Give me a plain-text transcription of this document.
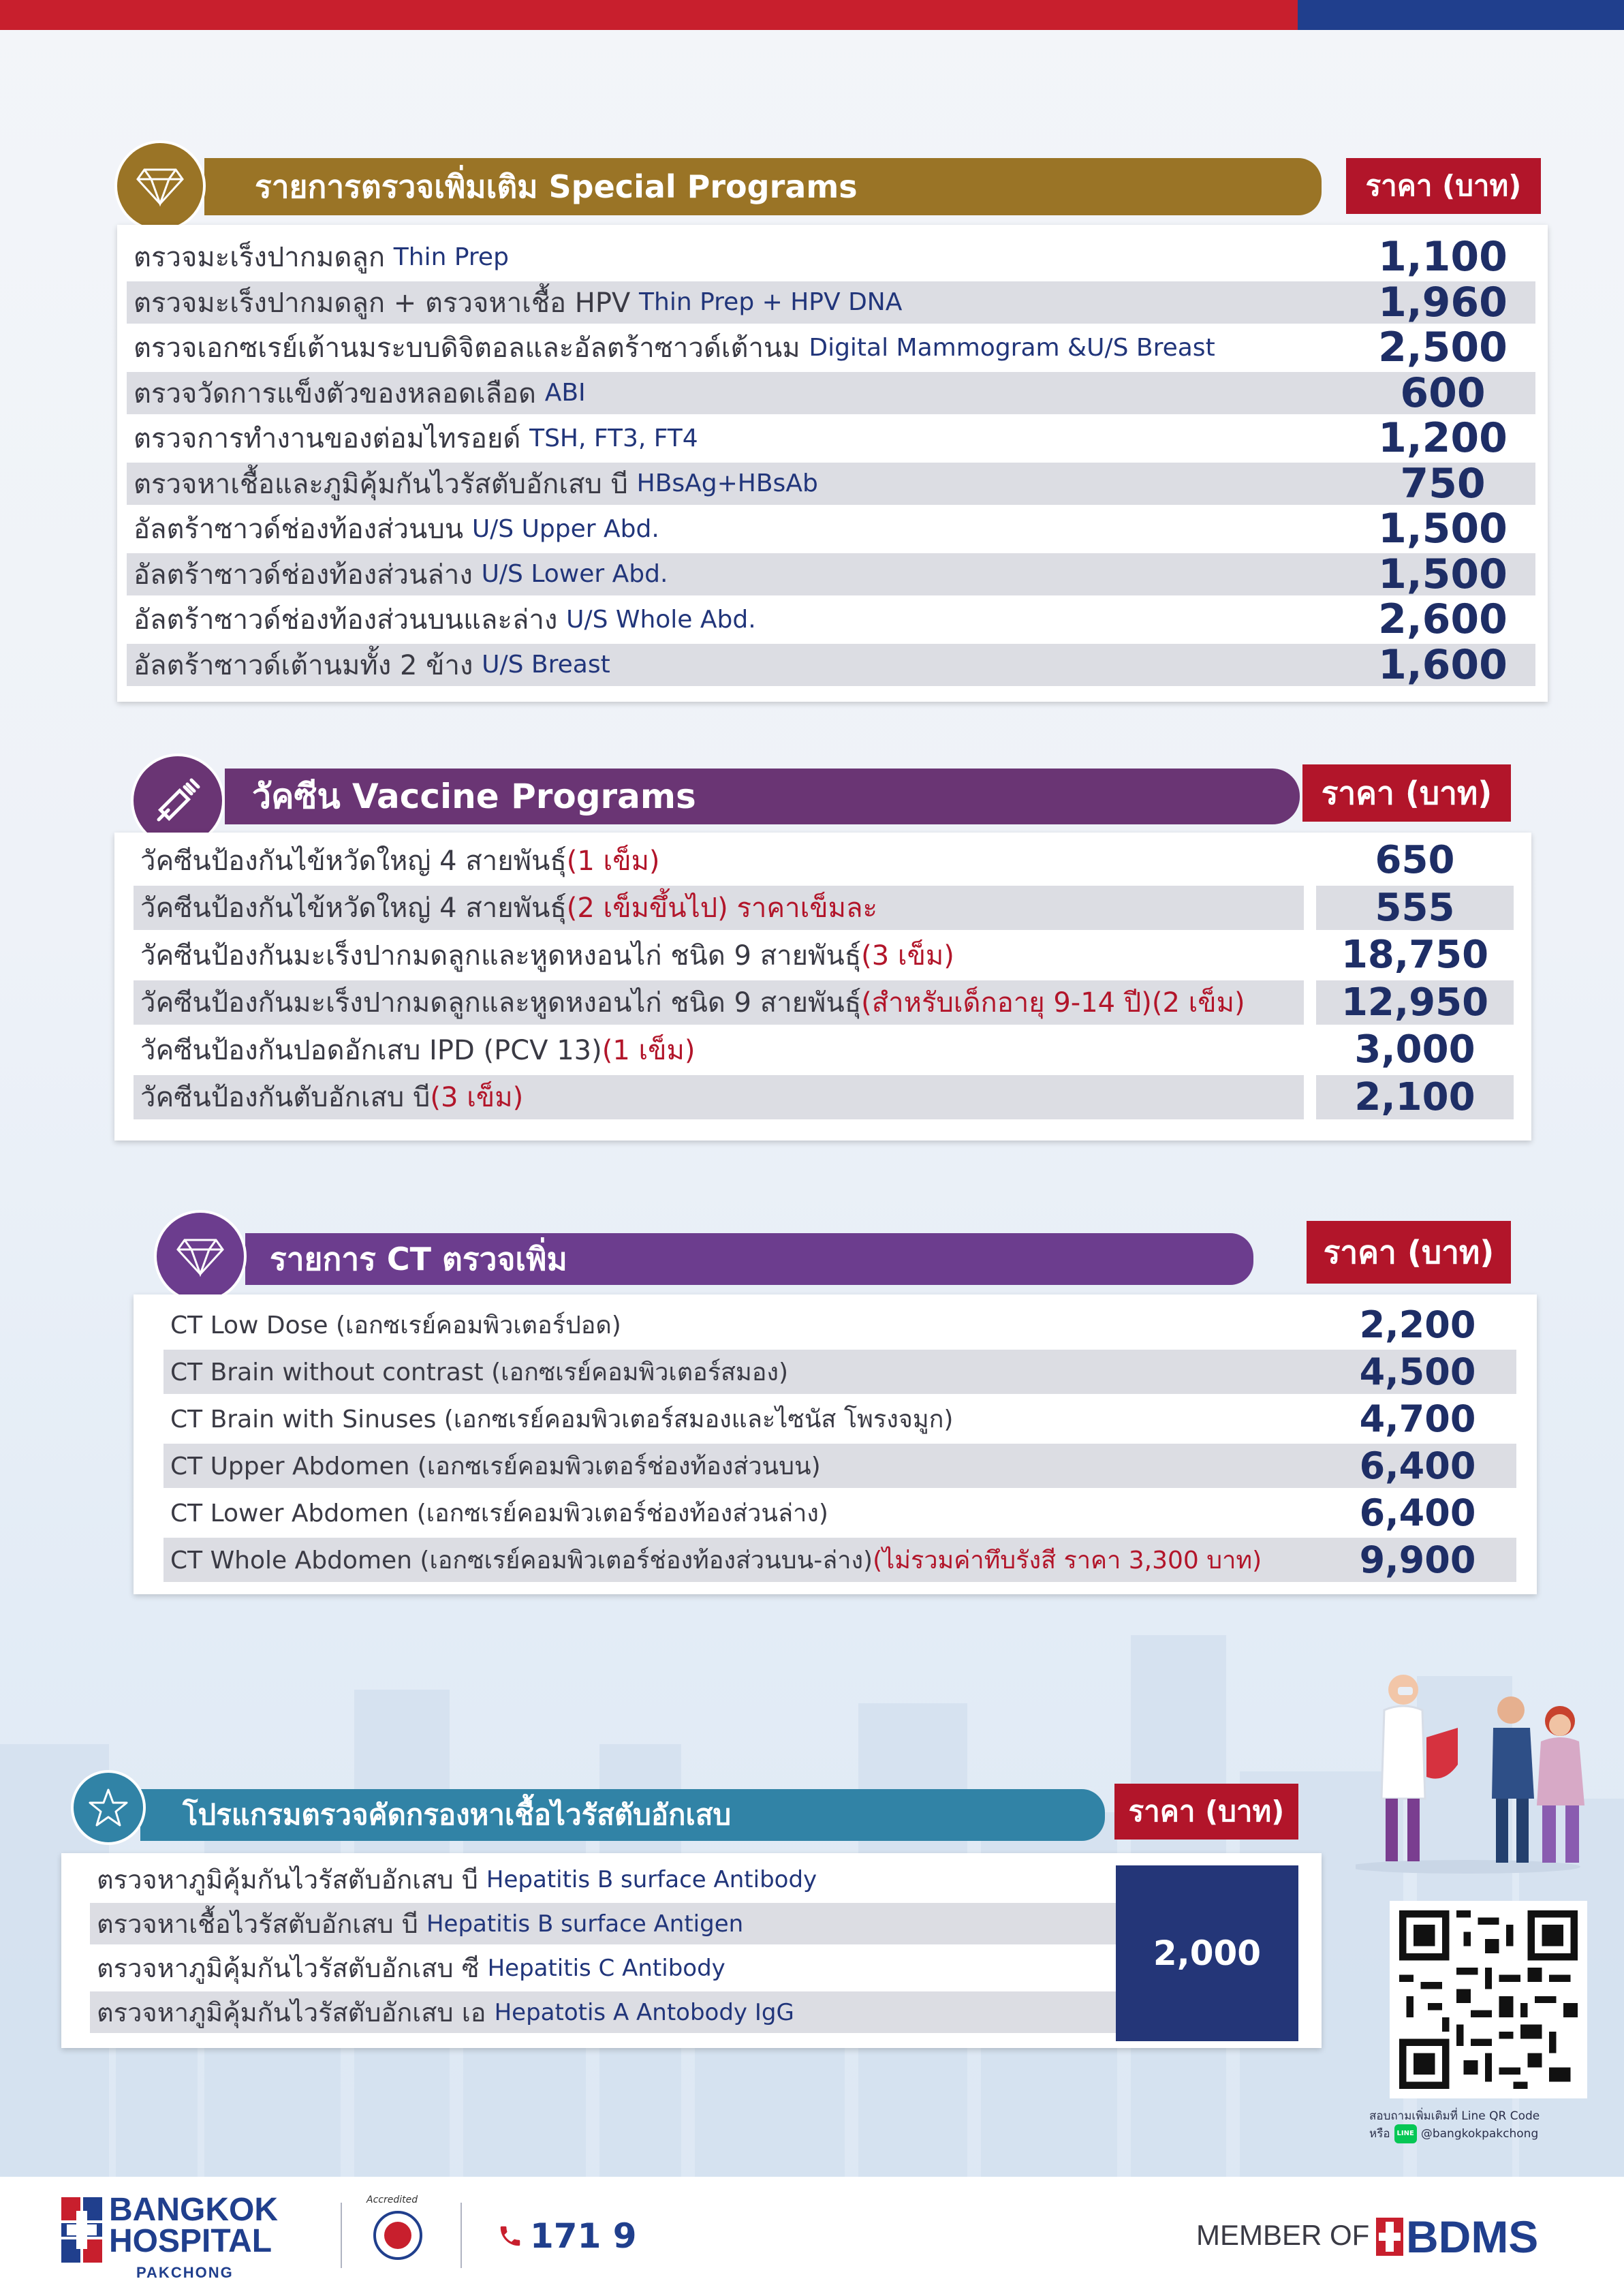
รายการตรวจเพิ่มเติม Special Programs	ราคา (บาท)
ตรวจมะเร็งปากมดลูก
Thin Prep	1,100
ตรวจมะเร็งปากมดลูก + ตรวจหาเชื้อ HPV
Thin Prep + HPV DNA	1,960
ตรวจเอกซเรย์เต้านมระบบดิจิตอลและอัลตร้าซาวด์เต้านม
Digital Mammogram &U/S Breast	2,500
ตรวจวัดการแข็งตัวของหลอดเลือด
ABI	600
ตรวจการทำงานของต่อมไทรอยด์
TSH, FT3, FT4	1,200
ตรวจหาเชื้อและภูมิคุ้มกันไวรัสตับอักเสบ บี
HBsAg+HBsAb	750
อัลตร้าซาวด์ช่องท้องส่วนบน
U/S Upper Abd.	1,500
อัลตร้าซาวด์ช่องท้องส่วนล่าง
U/S Lower Abd.	1,500
อัลตร้าซาวด์ช่องท้องส่วนบนและล่าง
U/S Whole Abd.	2,600
อัลตร้าซาวด์เต้านมทั้ง 2 ข้าง
U/S Breast	1,600
วัคซีน Vaccine Programs	ราคา (บาท)
วัคซีนป้องกันไข้หวัดใหญ่ 4 สายพันธุ์ (1 เข็ม)	650
วัคซีนป้องกันไข้หวัดใหญ่ 4 สายพันธุ์ (2 เข็มขึ้นไป) ราคาเข็มละ	555
วัคซีนป้องกันมะเร็งปากมดลูกและหูดหงอนไก่ ชนิด 9 สายพันธุ์ (3 เข็ม)	18,750
วัคซีนป้องกันมะเร็งปากมดลูกและหูดหงอนไก่ ชนิด 9 สายพันธุ์ (สำหรับเด็กอายุ 9-14 ปี)(2 เข็ม)	12,950
วัคซีนป้องกันปอดอักเสบ IPD (PCV 13) (1 เข็ม)	3,000
วัคซีนป้องกันตับอักเสบ บี (3 เข็ม)	2,100
รายการ CT ตรวจเพิ่ม	ราคา (บาท)
CT Low Dose (เอกซเรย์คอมพิวเตอร์ปอด)	2,200
CT Brain without contrast (เอกซเรย์คอมพิวเตอร์สมอง)	4,500
CT Brain with Sinuses (เอกซเรย์คอมพิวเตอร์สมองและไซนัส โพรงจมูก)	4,700
CT Upper Abdomen (เอกซเรย์คอมพิวเตอร์ช่องท้องส่วนบน)	6,400
CT Lower Abdomen (เอกซเรย์คอมพิวเตอร์ช่องท้องส่วนล่าง)	6,400
CT Whole Abdomen (เอกซเรย์คอมพิวเตอร์ช่องท้องส่วนบน-ล่าง) (ไม่รวมค่าทึบรังสี ราคา 3,300 บาท)	9,900
โปรแกรมตรวจคัดกรองหาเชื้อไวรัสตับอักเสบ	ราคา (บาท)
ตรวจหาภูมิคุ้มกันไวรัสตับอักเสบ บี
Hepatitis B surface Antibody
ตรวจหาเชื้อไวรัสตับอักเสบ บี
Hepatitis B surface Antigen
ตรวจหาภูมิคุ้มกันไวรัสตับอักเสบ ซี
Hepatitis C Antibody
ตรวจหาภูมิคุ้มกันไวรัสตับอักเสบ เอ
Hepatotis A Antobody IgG
2,000
สอบถามเพิ่มเติมที่ Line QR Code
หรือ	LINE @bangkokpakchong
BANGKOK
HOSPITAL
PAKCHONG
Accredited
171 9	MEMBER OF BDMS
